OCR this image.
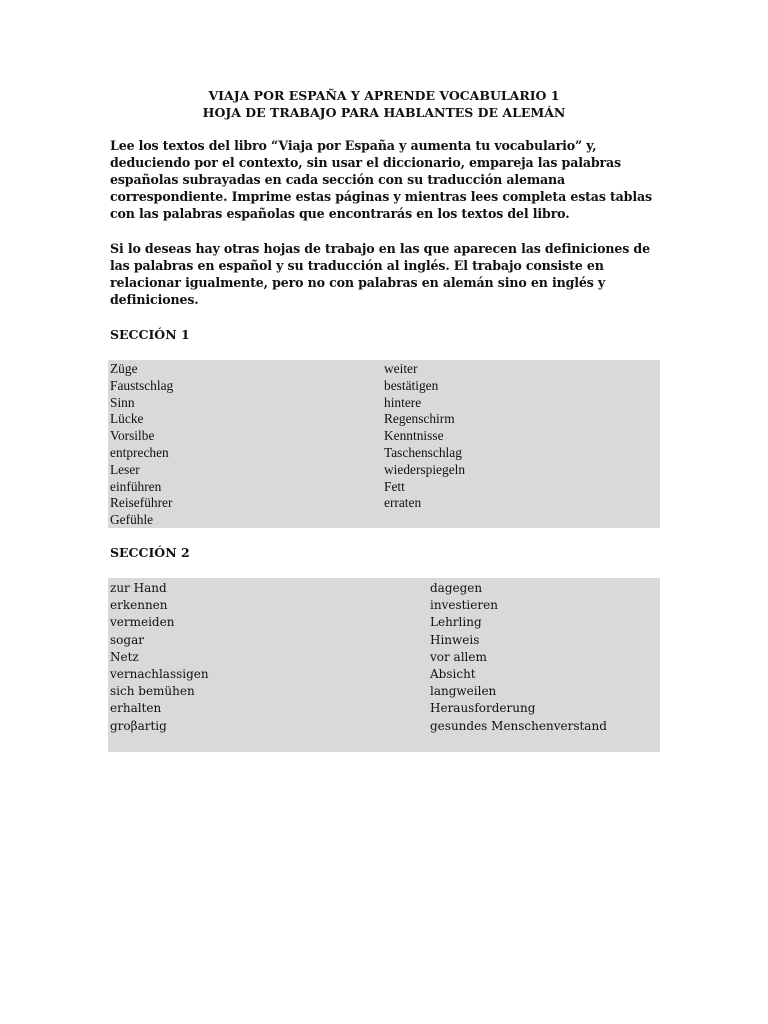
VIAJA POR ESPAÑA Y APRENDE VOCABULARIO 1

HOJA DE TRABAJO PARA HABLANTES DE ALEMÁN

Lee los textos del libro “Viaja por España y aumenta tu vocabulario” y, deduciendo por el contexto, sin usar el diccionario, empareja las palabras españolas subrayadas en cada sección con su traducción alemana correspondiente. Imprime estas páginas y mientras lees completa estas tablas con las palabras españolas que encontrarás en los textos del libro.

Si lo deseas hay otras hojas de trabajo en las que aparecen las definiciones de las palabras en español y su traducción al inglés. El trabajo consiste en relacionar igualmente, pero no con palabras en alemán sino en inglés y definiciones.

SECCIÓN 1

Züge
Faustschlag
Sinn
Lücke
Vorsilbe
entprechen
Leser
einführen
Reiseführer
Gefühle
weiter
bestätigen
hintere
Regenschirm
Kenntnisse
Taschenschlag
wiederspiegeln
Fett
erraten

SECCIÓN 2

zur Hand
erkennen
vermeiden
sogar
Netz
vernachlassigen
sich bemühen
erhalten
groβartig
dagegen
investieren
Lehrling
Hinweis
vor allem
Absicht
langweilen
Herausforderung
gesundes Menschenverstand
